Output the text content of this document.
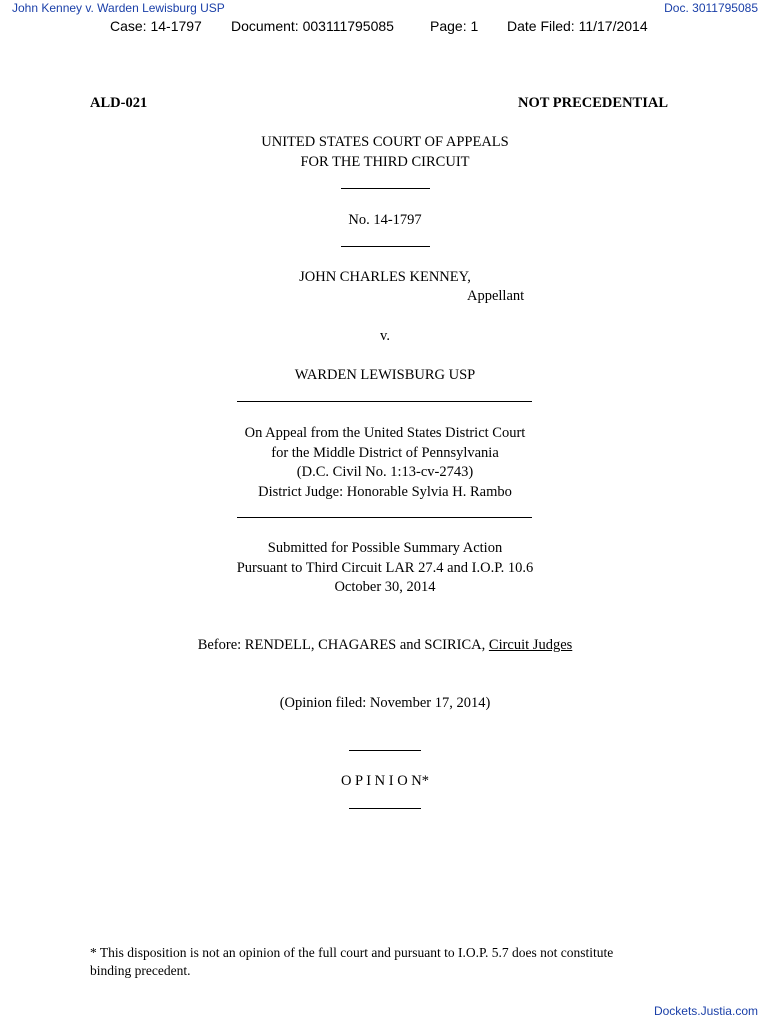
John Kenney v. Warden Lewisburg USP	Doc. 3011795085
Case: 14-1797 Document: 003111795085	Page: 1 Date Filed: 11/17/2014
ALD-021	NOT PRECEDENTIAL
UNITED STATES COURT OF APPEALS
FOR THE THIRD CIRCUIT
No. 14-1797
JOHN CHARLES KENNEY,
Appellant
v.
WARDEN LEWISBURG USP
On Appeal from the United States District Court
for the Middle District of Pennsylvania
(D.C. Civil No. 1:13-cv-2743)
District Judge: Honorable Sylvia H. Rambo
Submitted for Possible Summary Action
Pursuant to Third Circuit LAR 27.4 and I.O.P. 10.6
October 30, 2014
Before: RENDELL, CHAGARES and SCIRICA, Circuit Judges
(Opinion filed: November 17, 2014)
O P I N I O N*
* This disposition is not an opinion of the full court and pursuant to I.O.P. 5.7 does not constitute
binding precedent.
Dockets.Justia.com
